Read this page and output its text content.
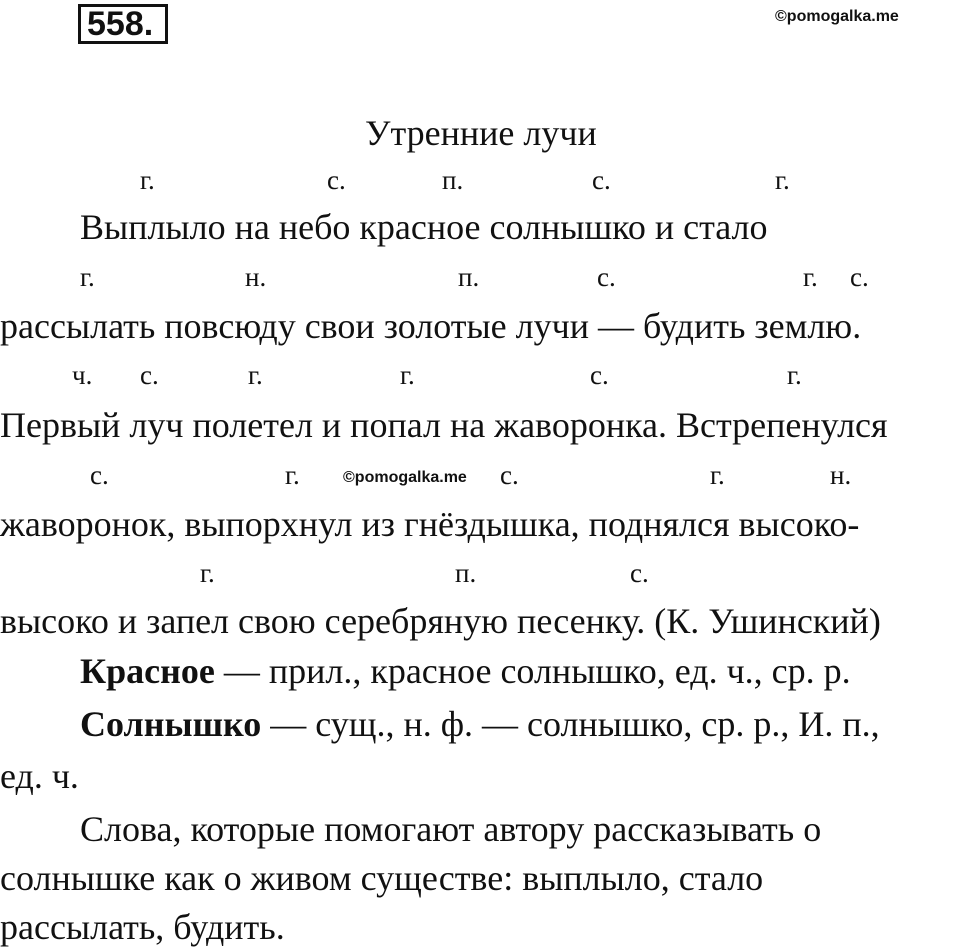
558.	©pomogalka.me
Утренние лучи
г.	с.	п.	с.	г.
Выплыло на небо красное солнышко и стало
г.	н.	п.	с.	г. с.
рассылать повсюду свои золотые лучи — будить землю.
ч. с.	г.	г.	с.	г.
Первый луч полетел и попал на жаворонка. Встрепенулся
с.	г.	©pomogalka.me с.	г.	н.
жаворонок, выпорхнул из гнёздышка, поднялся высоко-
г.	п.	с.
высоко и запел свою серебряную песенку. (К. Ушинский)
Красное — прил., красное солнышко, ед. ч., ср. р.
Солнышко — сущ., н. ф. — солнышко, ср. р., И. п.,
ед. ч.
Слова, которые помогают автору рассказывать о
солнышке как о живом существе: выплыло, стало
рассылать, будить.
